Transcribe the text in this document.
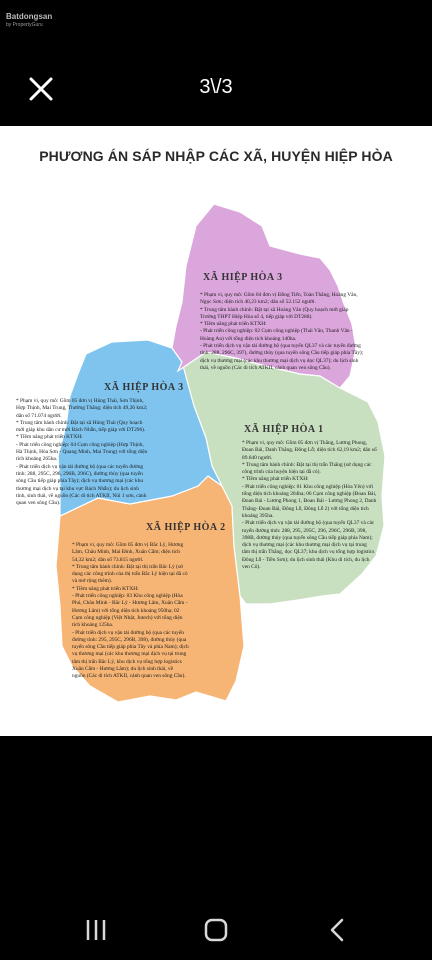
Batdongsan
by PropertyGuru
3\/3
PHƯƠNG ÁN SÁP NHẬP CÁC XÃ, HUYỆN HIỆP HÒA
XÃ HIỆP HÒA 3
* Phạm vi, quy mô: Gồm 04 đơn vị Đồng Tiến, Toàn Thắng, Hoàng Vân,
Ngọc Sơn; diện tích 40,23 km2; dân số 52.152 người.
* Trung tâm hành chính: Đặt tại xã Hoàng Vân (Quy hoạch mới giáp
Trường THPT Hiệp Hòa số 4, tiếp giáp với DT288).
* Tiềm năng phát triển KTXH:
- Phát triển công nghiệp: 02 Cụm công nghiệp (Thái Vân, Thanh Vân -
Hoàng An) với tổng diện tích khoảng 140ha.
- Phát triển dịch vụ vận tải đường bộ (qua tuyến QL37 và các tuyến đường
tỉnh: 288, 296C, 397), đường thủy (qua tuyến sông Cầu tiếp giáp phía Tây);
dịch vụ thương mại (các khu thương mại dịch vụ dọc QL37); du lịch sinh
thái, về nguồn (Các di tích ATKII, cảnh quan ven sông Cầu).
XÃ HIỆP HÒA 3
* Phạm vi, quy mô: Gồm 05 đơn vị Hùng Thái, Sơn Thịnh,
Hợp Thịnh, Mai Trung, Thường Thắng; diện tích 49,26 km2;
dân số 71.074 người.
* Trung tâm hành chính: Đặt tại xã Hùng Thái (Quy hoạch
mới giáp khu dân cư mới Bách Nhẫn, tiếp giáp với DT296).
* Tiềm năng phát triển KTXH:
- Phát triển công nghiệp: 04 Cụm công nghiệp (Hợp Thịnh,
Hà Thịnh, Hòa Sơn - Quang Minh, Mai Trung) với tổng diện
tích khoảng 265ha.
- Phát triển dịch vụ vận tải đường bộ (qua các tuyến đường
tỉnh: 288, 295C, 296, 296B, 296C), đường thủy (qua tuyến
sông Cầu tiếp giáp phía Tây); dịch vụ thương mại (các khu
thương mại dịch vụ tại khu vực Bách Nhẫn); du lịch sinh
tính, sinh thái, về nguồn (Các di tích ATKII, Núi 1 sơn, cảnh
quan ven sông Cầu).
XÃ HIỆP HÒA 1
* Phạm vi, quy mô: Gồm 05 đơn vị Thắng, Lương Phong,
Đoan Bái, Danh Thắng, Đông Lỗ; diện tích 62,19 km2; dân số
89.640 người.
* Trung tâm hành chính: Đặt tại thị trấn Thắng (sử dụng các
công trình của huyện hiện tại đã có).
* Tiềm năng phát triển KTXH:
- Phát triển công nghiệp: 01 Khu công nghiệp (Hòa Yên) với
tổng diện tích khoảng 204ha; 06 Cụm công nghiệp (Đoan Bái,
Đoan Bái - Lương Phong 1, Đoan Bái - Lương Phong 2, Danh
Thắng- Đoan Bái, Đông Lỗ, Đông Lỗ 2) với tổng diện tích
khoảng 395ha.
- Phát triển dịch vụ vận tải đường bộ (qua tuyến QL37 và các
tuyến đường tỉnh: 288, 295, 295C, 296, 296C, 296B, 398,
398B, đường thủy (qua tuyến sông Cầu tiếp giáp phía Nam);
dịch vụ thương mại (các khu thương mại dịch vụ tại trung
tâm thị trấn Thắng, dọc QL37; khu dịch vụ tổng hợp logistics
Đông Lỗ - Tiền Sơn); du lịch sinh thái (Khu di tích, du lịch
ven Cô).
XÃ HIỆP HÒA 2
* Phạm vi, quy mô: Gồm 05 đơn vị Bắc Lý, Hương
Lâm, Châu Minh, Mai Đình, Xuân Cẩm; diện tích
54,32 km2; dân số 73.815 người.
* Trung tâm hành chính: Đặt tại thị trấn Bắc Lý (sử
dụng các công trình của thị trấn Bắc Lý hiện tại đã có
và mở rộng thêm).
* Tiềm năng phát triển KTXH:
- Phát triển công nghiệp: 03 Khu công nghiệp (Hòa
Phú, Châu Minh - Bắc Lý - Hương Lâm, Xuân Cẩm -
Hương Lâm) với tổng diện tích khoảng 950ha; 02
Cụm công nghiệp (Việt Nhật, Jutech) với tổng diện
tích khoảng 125ha.
- Phát triển dịch vụ vận tải đường bộ (qua các tuyến
đường tỉnh: 295, 295C, 296B, 398), đường thủy (qua
tuyến sông Cầu tiếp giáp phía Tây và phía Nam); dịch
vụ thương mại (các khu thương mại dịch vụ tại trung
tâm thị trấn Bắc Lý, khu dịch vụ tổng hợp logistics
Xuân Cẩm - Hương Lâm); du lịch sinh thái, về
nguồn (Các di tích ATKII, cảnh quan ven sông Cầu).
